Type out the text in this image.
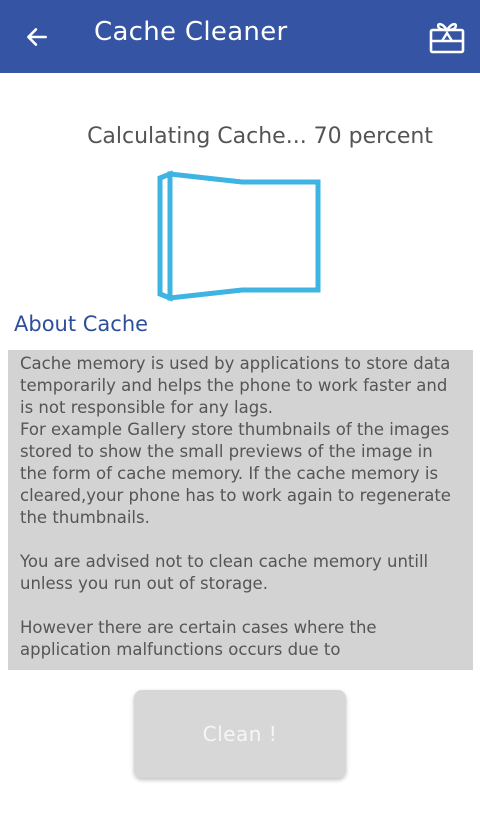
Cache Cleaner
Calculating Cache... 70 percent
About Cache

Cache memory is used by applications to store data temporarily and helps the phone to work faster and is not responsible for any lags.
For example Gallery store thumbnails of the images stored to show the small previews of the image in the form of cache memory. If the cache memory is cleared,your phone has to work again to regenerate the thumbnails.

You are advised not to clean cache memory untill unless you run out of storage.

However there are certain cases where the application malfunctions occurs due to

Clean !
